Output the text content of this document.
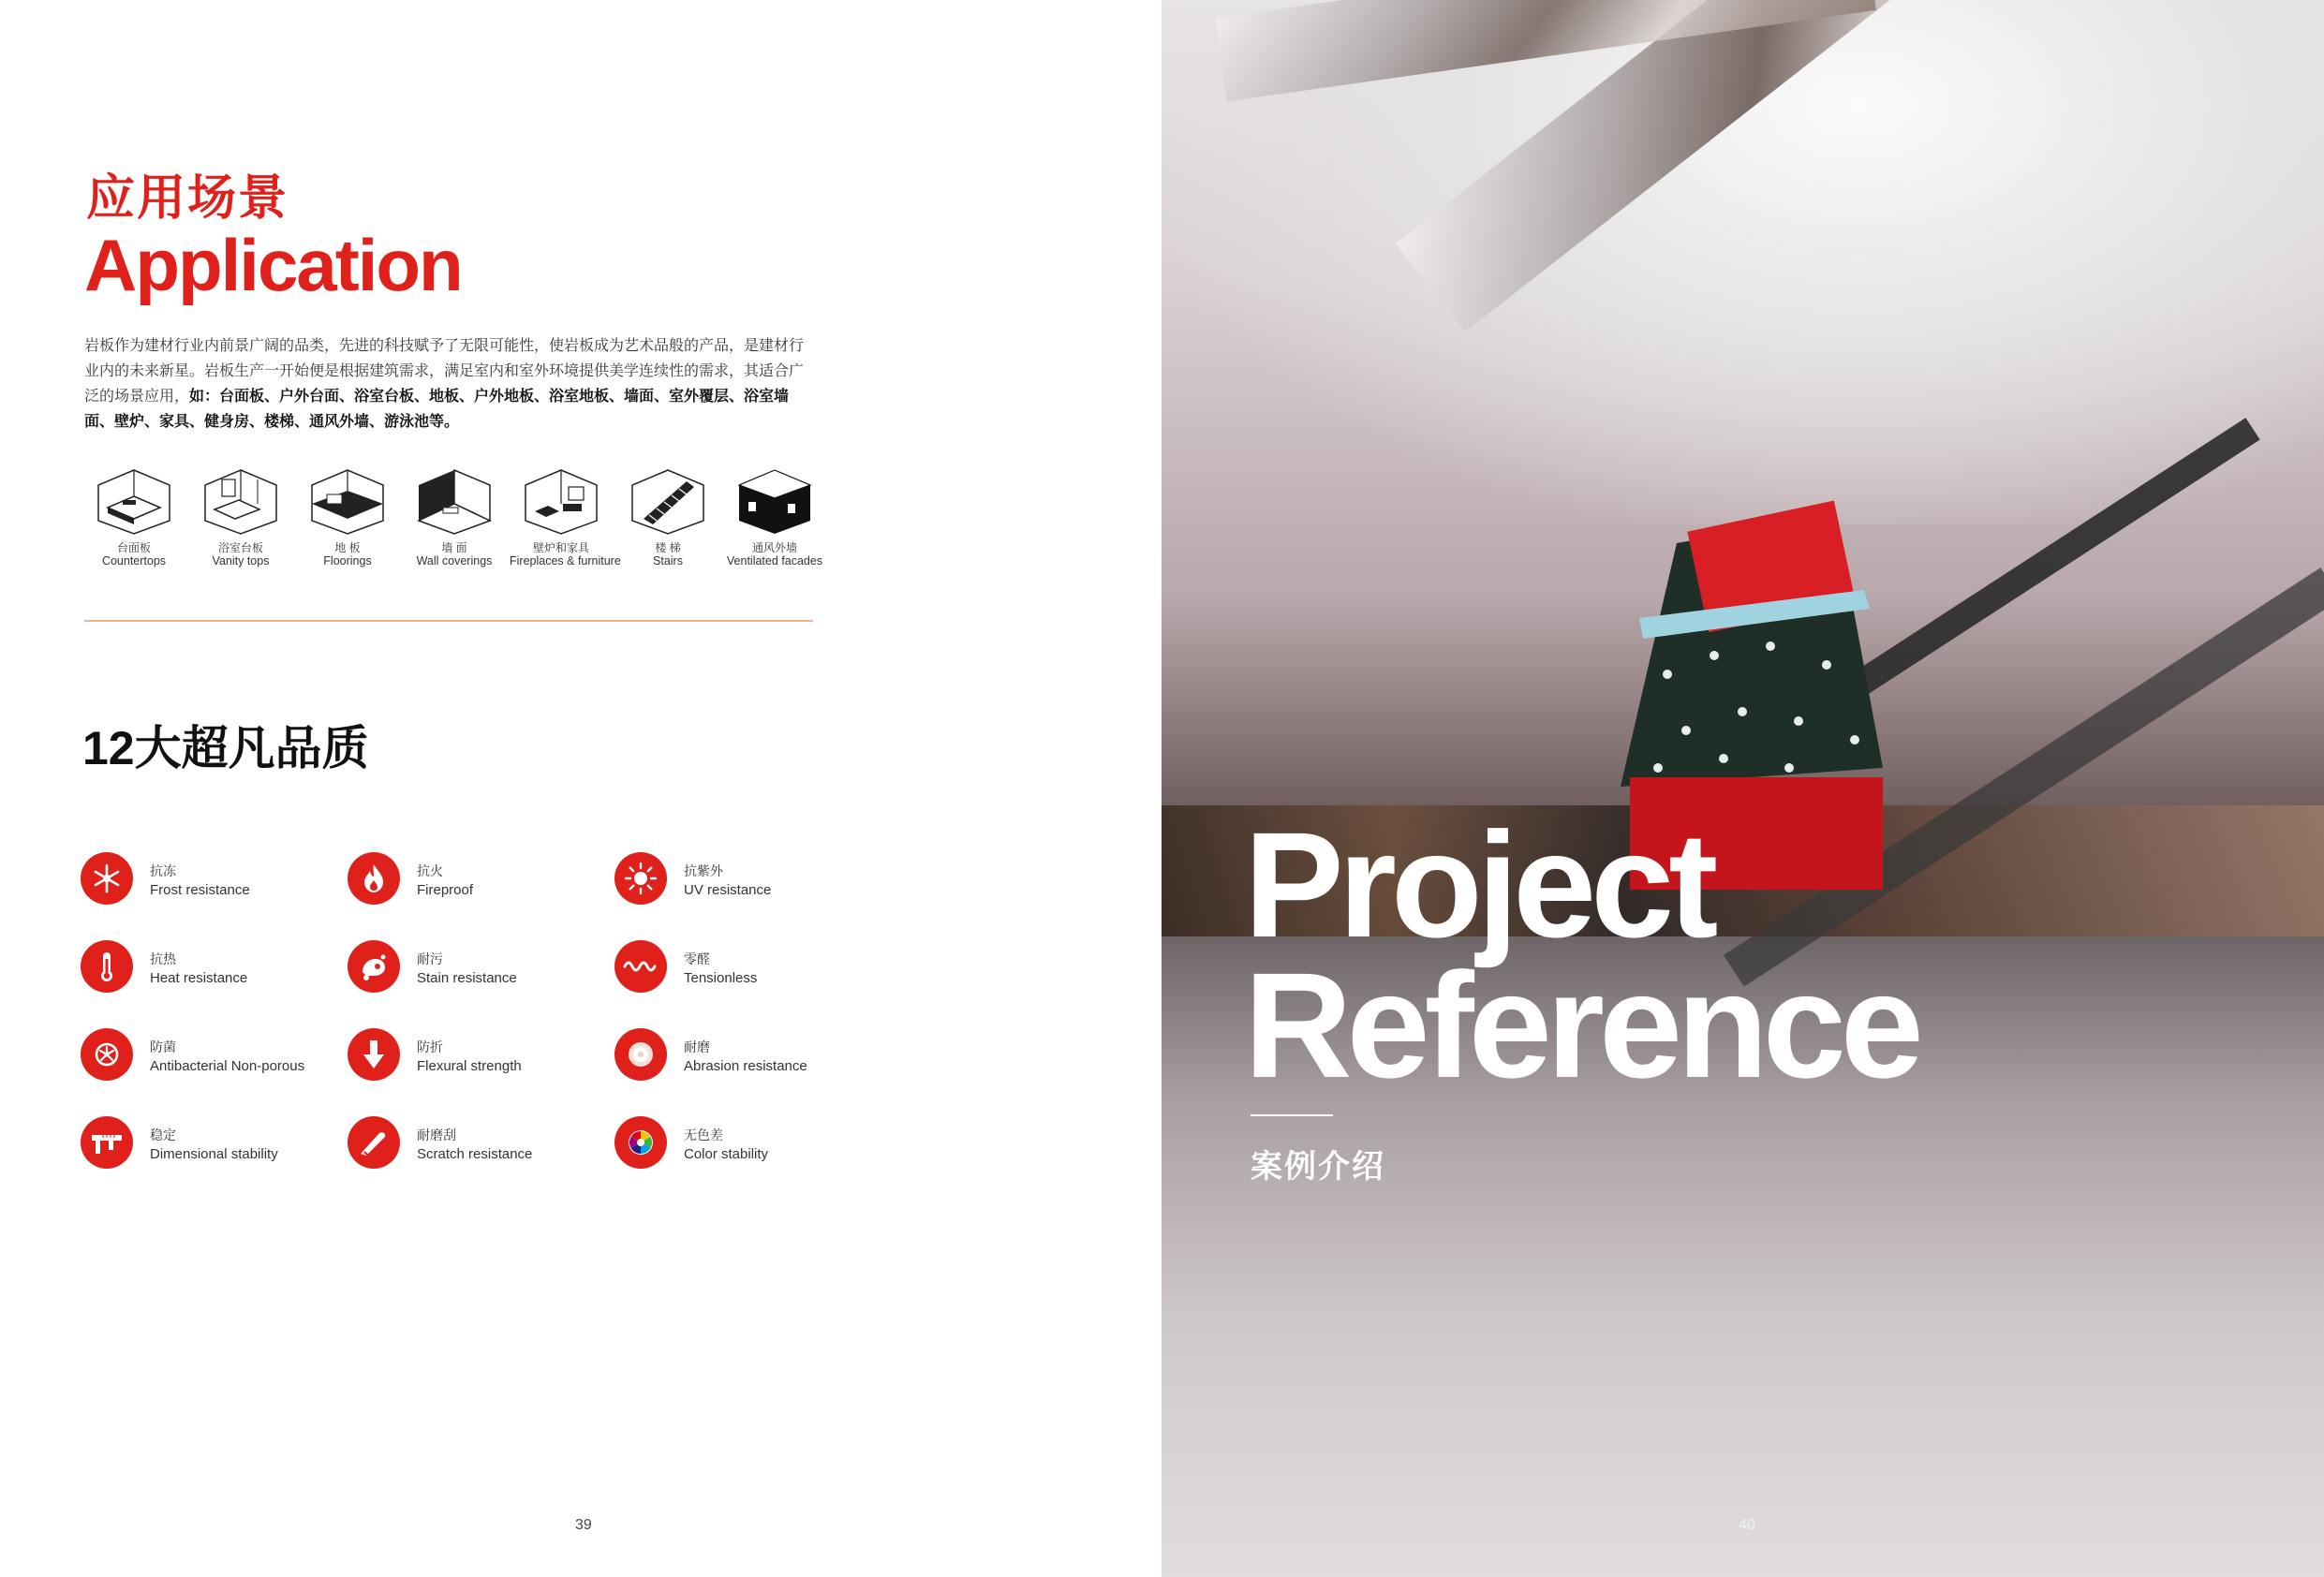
应用场景
Application
岩板作为建材行业内前景广阔的品类，先进的科技赋予了无限可能性，使岩板成为艺术品般的产品，是建材行业内的未来新星。岩板生产一开始便是根据建筑需求，满足室内和室外环境提供美学连续性的需求，其适合广泛的场景应用，如：台面板、户外台面、浴室台板、地板、户外地板、浴室地板、墙面、室外覆层、浴室墙面、壁炉、家具、健身房、楼梯、通风外墙、游泳池等。
台面板
Countertops
浴室台板
Vanity tops
地 板
Floorings
墙 面
Wall coverings
壁炉和家具
Fireplaces & furniture
楼 梯
Stairs
通风外墙
Ventilated facades
12大超凡品质
抗冻
Frost resistance
抗火
Fireproof
抗紫外
UV resistance
抗热
Heat resistance
耐污
Stain resistance
零醛
Tensionless
防菌
Antibacterial Non-porous
防折
Flexural strength
耐磨
Abrasion resistance
稳定
Dimensional stability
耐磨刮
Scratch resistance
无色差
Color stability
39
Project
Reference
案例介绍
40
